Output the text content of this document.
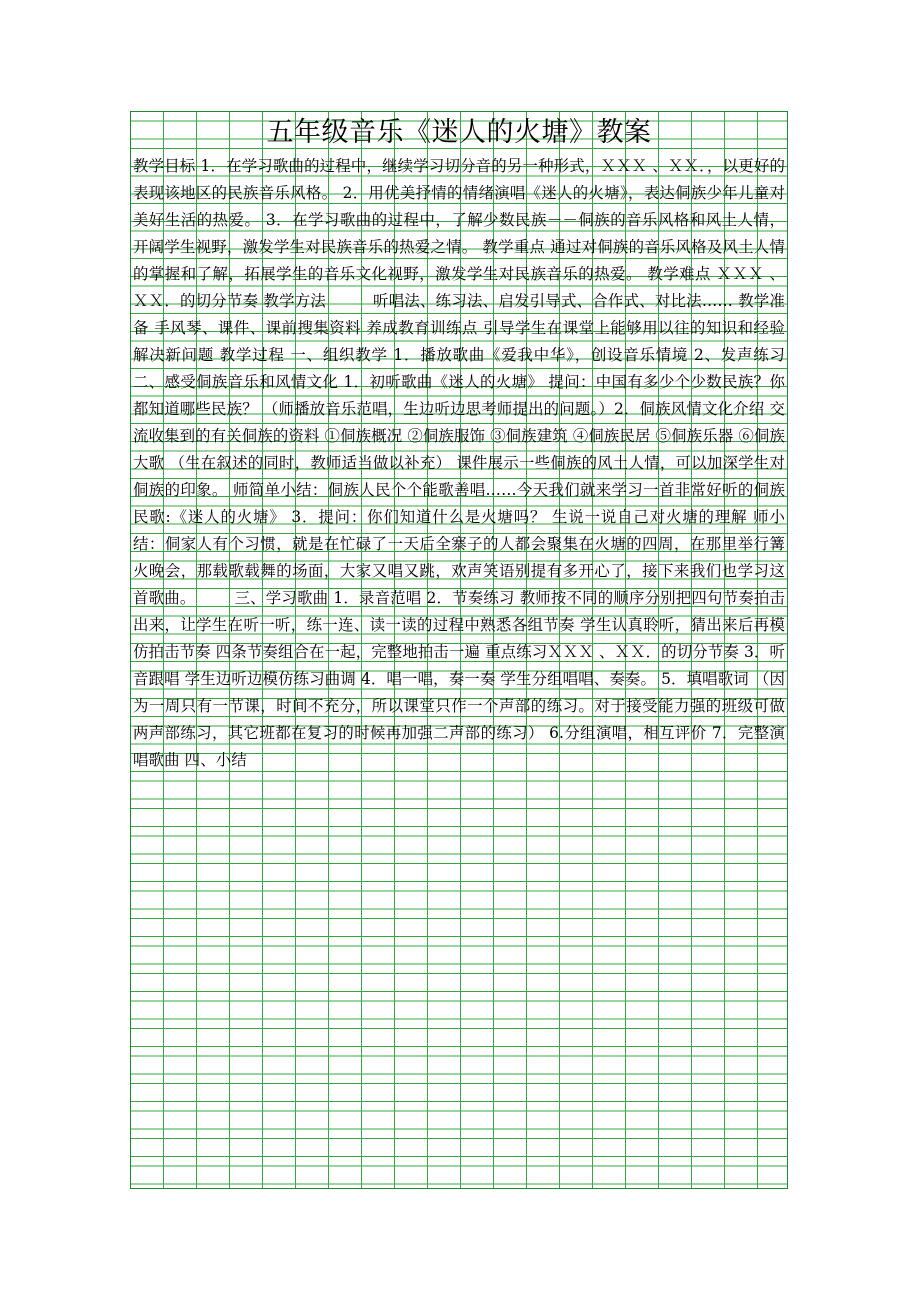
五年级音乐《迷人的火塘》教案
教学目标 1．在学习歌曲的过程中，继续学习切分音的另一种形式，ＸＸＸ 、ＸＸ．，以更好的表现该地区的民族音乐风格。 2．用优美抒情的情绪演唱《迷人的火塘》，表达侗族少年儿童对美好生活的热爱。 3．在学习歌曲的过程中，了解少数民族－－侗族的音乐风格和风土人情，开阔学生视野，激发学生对民族音乐的热爱之情。 教学重点 通过对侗族的音乐风格及风土人情的掌握和了解，拓展学生的音乐文化视野，激发学生对民族音乐的热爱。 教学难点 ＸＸＸ 、ＸＸ．的切分节奏 教学方法　　　听唱法、练习法、启发引导式、合作式、对比法…… 教学准备 手风琴、课件、课前搜集资料 养成教育训练点 引导学生在课堂上能够用以往的知识和经验解决新问题 教学过程 一、组织教学 1．播放歌曲《爱我中华》，创设音乐情境 2、发声练习 二、感受侗族音乐和风情文化 1．初听歌曲《迷人的火塘》 提问：中国有多少个少数民族？你都知道哪些民族？ （师播放音乐范唱，生边听边思考师提出的问题。）2．侗族风情文化介绍 交流收集到的有关侗族的资料 ①侗族概况 ②侗族服饰 ③侗族建筑 ④侗族民居 ⑤侗族乐器 ⑥侗族大歌 （生在叙述的同时，教师适当做以补充） 课件展示一些侗族的风土人情，可以加深学生对侗族的印象。 师简单小结：侗族人民个个能歌善唱……今天我们就来学习一首非常好听的侗族民歌:《迷人的火塘》 3．提问：你们知道什么是火塘吗？ 生说一说自己对火塘的理解 师小结：侗家人有个习惯，就是在忙碌了一天后全寨子的人都会聚集在火塘的四周，在那里举行篝火晚会，那载歌载舞的场面，大家又唱又跳，欢声笑语别提有多开心了，接下来我们也学习这首歌曲。　　　三、学习歌曲 1．录音范唱 2．节奏练习 教师按不同的顺序分别把四句节奏拍击出来，让学生在听一听，练一连、读一读的过程中熟悉各组节奏 学生认真聆听，猜出来后再模仿拍击节奏 四条节奏组合在一起，完整地拍击一遍 重点练习ＸＸＸ 、ＸＸ．的切分节奏 3．听音跟唱 学生边听边模仿练习曲调 4．唱一唱，奏一奏 学生分组唱唱、奏奏。 5．填唱歌词 （因为一周只有一节课，时间不充分，所以课堂只作一个声部的练习。对于接受能力强的班级可做两声部练习，其它班都在复习的时候再加强二声部的练习） 6.分组演唱，相互评价 7．完整演唱歌曲 四、小结
